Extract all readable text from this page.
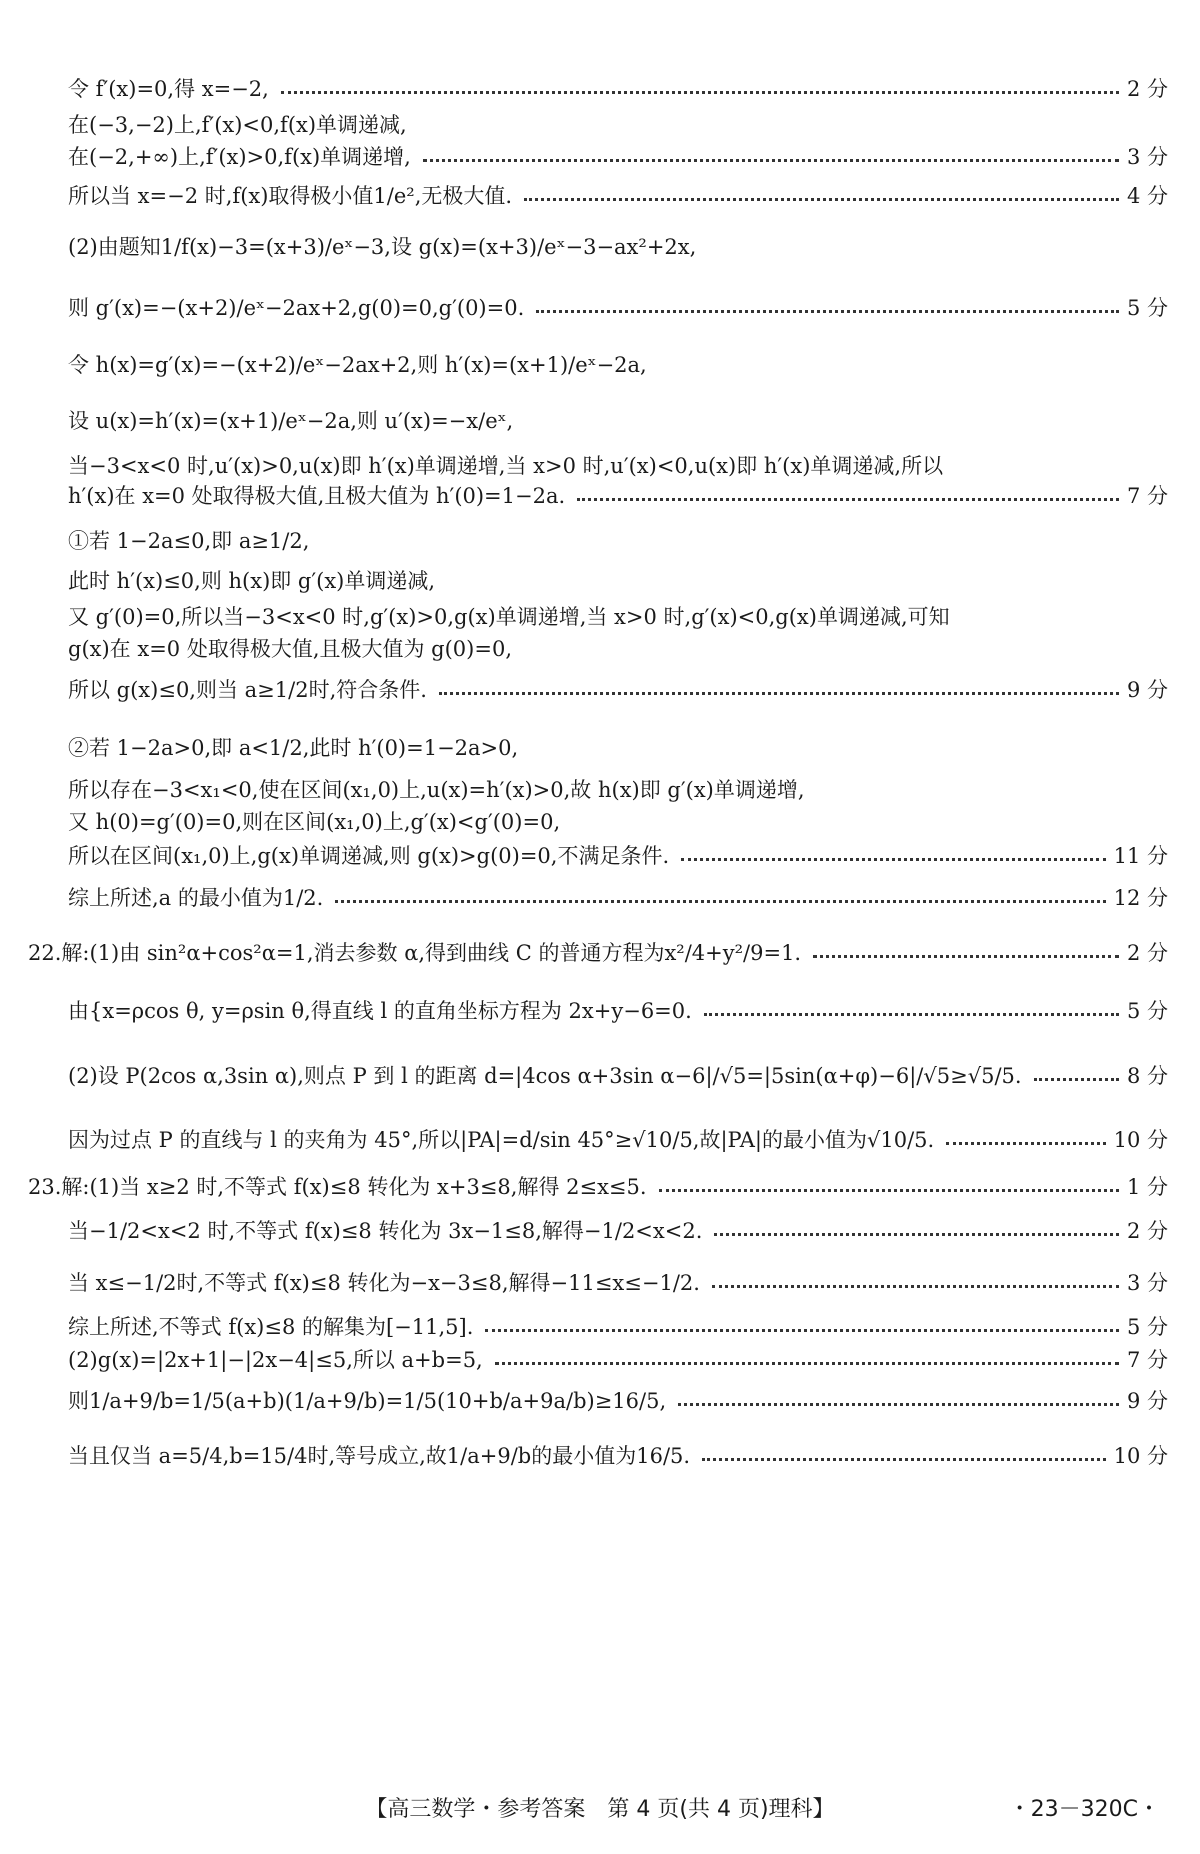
令 f′(x)=0,得 x=−2,	2 分
在(−3,−2)上,f′(x)<0,f(x)单调递减,
在(−2,+∞)上,f′(x)>0,f(x)单调递增,	3 分
所以当 x=−2 时,f(x)取得极小值1/e²,无极大值.	4 分
(2)由题知1/f(x)−3=(x+3)/eˣ−3,设 g(x)=(x+3)/eˣ−3−ax²+2x,
则 g′(x)=−(x+2)/eˣ−2ax+2,g(0)=0,g′(0)=0.	5 分
令 h(x)=g′(x)=−(x+2)/eˣ−2ax+2,则 h′(x)=(x+1)/eˣ−2a,
设 u(x)=h′(x)=(x+1)/eˣ−2a,则 u′(x)=−x/eˣ,
当−3<x<0 时,u′(x)>0,u(x)即 h′(x)单调递增,当 x>0 时,u′(x)<0,u(x)即 h′(x)单调递减,所以
h′(x)在 x=0 处取得极大值,且极大值为 h′(0)=1−2a.	7 分
①若 1−2a≤0,即 a≥1/2,
此时 h′(x)≤0,则 h(x)即 g′(x)单调递减,
又 g′(0)=0,所以当−3<x<0 时,g′(x)>0,g(x)单调递增,当 x>0 时,g′(x)<0,g(x)单调递减,可知
g(x)在 x=0 处取得极大值,且极大值为 g(0)=0,
所以 g(x)≤0,则当 a≥1/2时,符合条件.	9 分
②若 1−2a>0,即 a<1/2,此时 h′(0)=1−2a>0,
所以存在−3<x₁<0,使在区间(x₁,0)上,u(x)=h′(x)>0,故 h(x)即 g′(x)单调递增,
又 h(0)=g′(0)=0,则在区间(x₁,0)上,g′(x)<g′(0)=0,
所以在区间(x₁,0)上,g(x)单调递减,则 g(x)>g(0)=0,不满足条件.	11 分
综上所述,a 的最小值为1/2.	12 分
22.解:(1)由 sin²α+cos²α=1,消去参数 α,得到曲线 C 的普通方程为x²/4+y²/9=1.	2 分
由{x=ρcos θ, y=ρsin θ,得直线 l 的直角坐标方程为 2x+y−6=0.	5 分
(2)设 P(2cos α,3sin α),则点 P 到 l 的距离 d=|4cos α+3sin α−6|/√5=|5sin(α+φ)−6|/√5≥√5/5.	8 分
因为过点 P 的直线与 l 的夹角为 45°,所以|PA|=d/sin 45°≥√10/5,故|PA|的最小值为√10/5.	10 分
23.解:(1)当 x≥2 时,不等式 f(x)≤8 转化为 x+3≤8,解得 2≤x≤5.	1 分
当−1/2<x<2 时,不等式 f(x)≤8 转化为 3x−1≤8,解得−1/2<x<2.	2 分
当 x≤−1/2时,不等式 f(x)≤8 转化为−x−3≤8,解得−11≤x≤−1/2.	3 分
综上所述,不等式 f(x)≤8 的解集为[−11,5].	5 分
(2)g(x)=|2x+1|−|2x−4|≤5,所以 a+b=5,	7 分
则1/a+9/b=1/5(a+b)(1/a+9/b)=1/5(10+b/a+9a/b)≥16/5,	9 分
当且仅当 a=5/4,b=15/4时,等号成立,故1/a+9/b的最小值为16/5.	10 分
【高三数学・参考答案　第 4 页(共 4 页)理科】	・23－320C・
